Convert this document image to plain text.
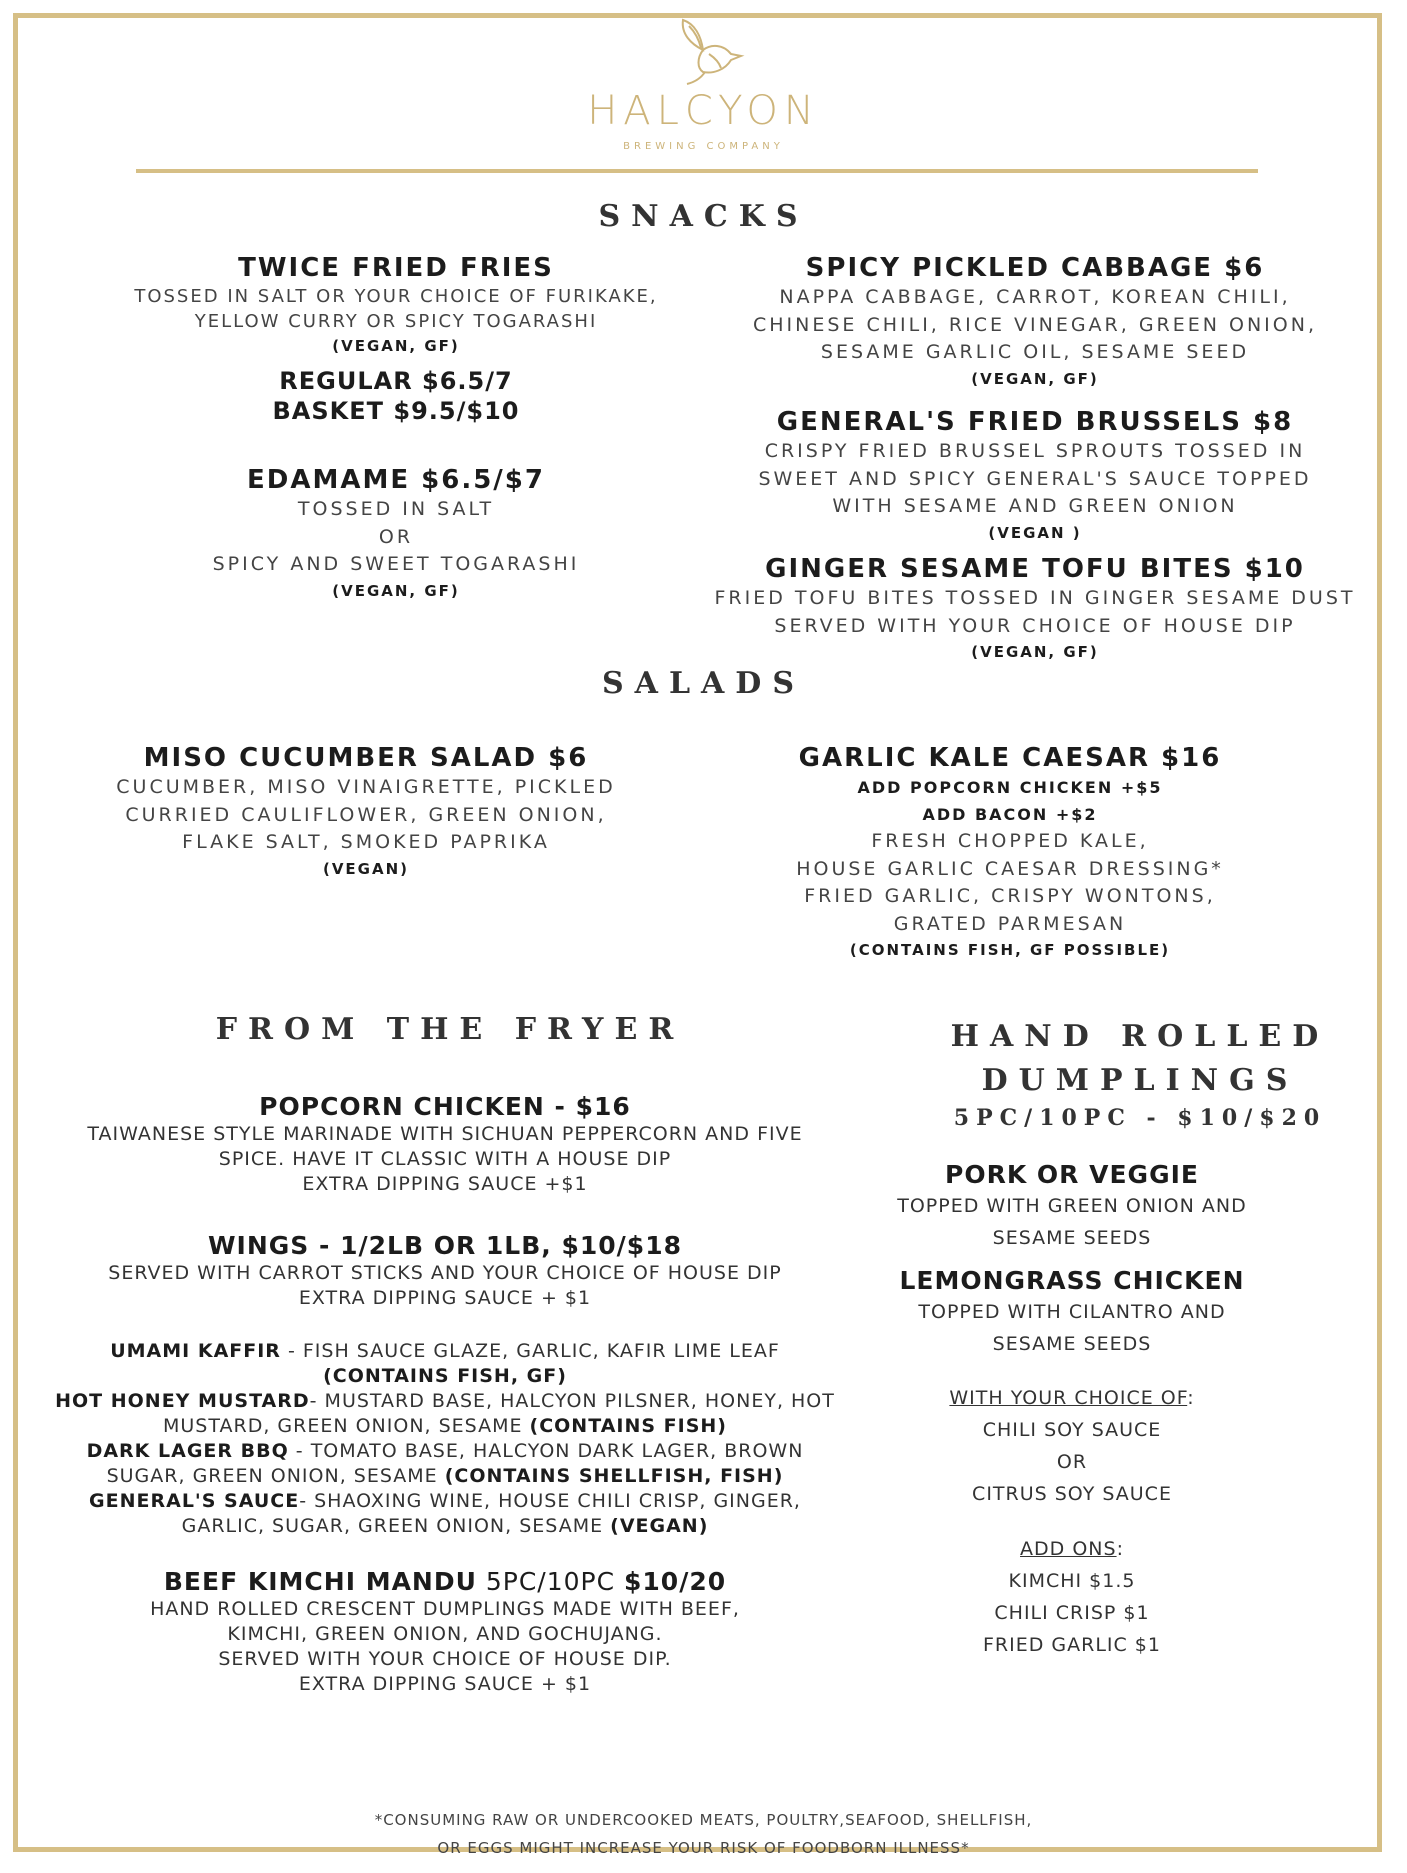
HALCYON
BREWING COMPANY
SNACKS
TWICE FRIED FRIES
TOSSED IN SALT OR YOUR CHOICE OF FURIKAKE,
YELLOW CURRY OR SPICY TOGARASHI
(VEGAN, GF)
REGULAR $6.5/7
BASKET $9.5/$10
EDAMAME $6.5/$7
TOSSED IN SALT
OR
SPICY AND SWEET TOGARASHI
(VEGAN, GF)
SPICY PICKLED CABBAGE $6
NAPPA CABBAGE, CARROT, KOREAN CHILI,
CHINESE CHILI, RICE VINEGAR, GREEN ONION,
SESAME GARLIC OIL, SESAME SEED
(VEGAN, GF)
GENERAL'S FRIED BRUSSELS $8
CRISPY FRIED BRUSSEL SPROUTS TOSSED IN
SWEET AND SPICY GENERAL'S SAUCE TOPPED
WITH SESAME AND GREEN ONION
(VEGAN )
GINGER SESAME TOFU BITES $10
FRIED TOFU BITES TOSSED IN GINGER SESAME DUST
SERVED WITH YOUR CHOICE OF HOUSE DIP
(VEGAN, GF)
SALADS
MISO CUCUMBER SALAD $6
CUCUMBER, MISO VINAIGRETTE, PICKLED
CURRIED CAULIFLOWER, GREEN ONION,
FLAKE SALT, SMOKED PAPRIKA
(VEGAN)
GARLIC KALE CAESAR $16
ADD POPCORN CHICKEN +$5
ADD BACON +$2
FRESH CHOPPED KALE,
HOUSE GARLIC CAESAR DRESSING*
FRIED GARLIC, CRISPY WONTONS,
GRATED PARMESAN
(CONTAINS FISH, GF POSSIBLE)
FROM THE FRYER
POPCORN CHICKEN - $16
TAIWANESE STYLE MARINADE WITH SICHUAN PEPPERCORN AND FIVE
SPICE. HAVE IT CLASSIC WITH A HOUSE DIP
EXTRA DIPPING SAUCE +$1
WINGS - 1/2LB OR 1LB, $10/$18
SERVED WITH CARROT STICKS AND YOUR CHOICE OF HOUSE DIP
EXTRA DIPPING SAUCE + $1
UMAMI KAFFIR - FISH SAUCE GLAZE, GARLIC, KAFIR LIME LEAF
(CONTAINS FISH, GF)
HOT HONEY MUSTARD- MUSTARD BASE, HALCYON PILSNER, HONEY, HOT
MUSTARD, GREEN ONION, SESAME (CONTAINS FISH)
DARK LAGER BBQ - TOMATO BASE, HALCYON DARK LAGER, BROWN
SUGAR, GREEN ONION, SESAME (CONTAINS SHELLFISH, FISH)
GENERAL'S SAUCE- SHAOXING WINE, HOUSE CHILI CRISP, GINGER,
GARLIC, SUGAR, GREEN ONION, SESAME (VEGAN)
BEEF KIMCHI MANDU 5PC/10PC $10/20
HAND ROLLED CRESCENT DUMPLINGS MADE WITH BEEF,
KIMCHI, GREEN ONION, AND GOCHUJANG.
SERVED WITH YOUR CHOICE OF HOUSE DIP.
EXTRA DIPPING SAUCE + $1
HAND ROLLED
DUMPLINGS
5PC/10PC - $10/$20
PORK OR VEGGIE
TOPPED WITH GREEN ONION AND
SESAME SEEDS
LEMONGRASS CHICKEN
TOPPED WITH CILANTRO AND
SESAME SEEDS
WITH YOUR CHOICE OF:
CHILI SOY SAUCE
OR
CITRUS SOY SAUCE
ADD ONS:
KIMCHI $1.5
CHILI CRISP $1
FRIED GARLIC $1
*CONSUMING RAW OR UNDERCOOKED MEATS, POULTRY,SEAFOOD, SHELLFISH,
OR EGGS MIGHT INCREASE YOUR RISK OF FOODBORN ILLNESS*
